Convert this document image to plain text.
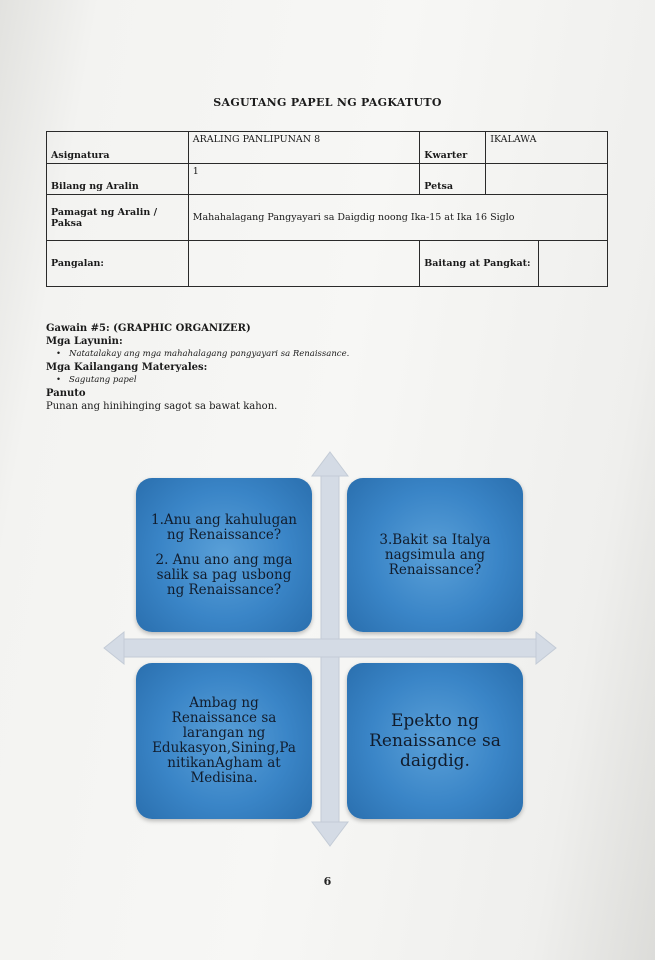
SAGUTANG PAPEL NG PAGKATUTO
Asignatura	ARALING PANLIPUNAN 8	Kwarter	IKALAWA	
Bilang ng Aralin	1	Petsa		
Pamagat ng Aralin / Paksa	Mahahalagang Pangyayari sa Daigdig noong Ika-15 at Ika 16 Siglo			
Pangalan:		Baitang at Pangkat:		
Gawain #5: (GRAPHIC ORGANIZER)
Mga Layunin:
• Natatalakay ang mga mahahalagang pangyayari sa Renaissance.
Mga Kailangang Materyales:
• Sagutang papel
Panuto
Punan ang hinihinging sagot sa bawat kahon.
1.Anu ang kahulugan ng Renaissance?
2. Anu ano ang mga salik sa pag usbong ng Renaissance?
3.Bakit sa Italya nagsimula ang Renaissance?
Ambag ng Renaissance sa larangan ng Edukasyon,Sining,Pa nitikanAgham at Medisina.
Epekto ng Renaissance sa daigdig.
6
